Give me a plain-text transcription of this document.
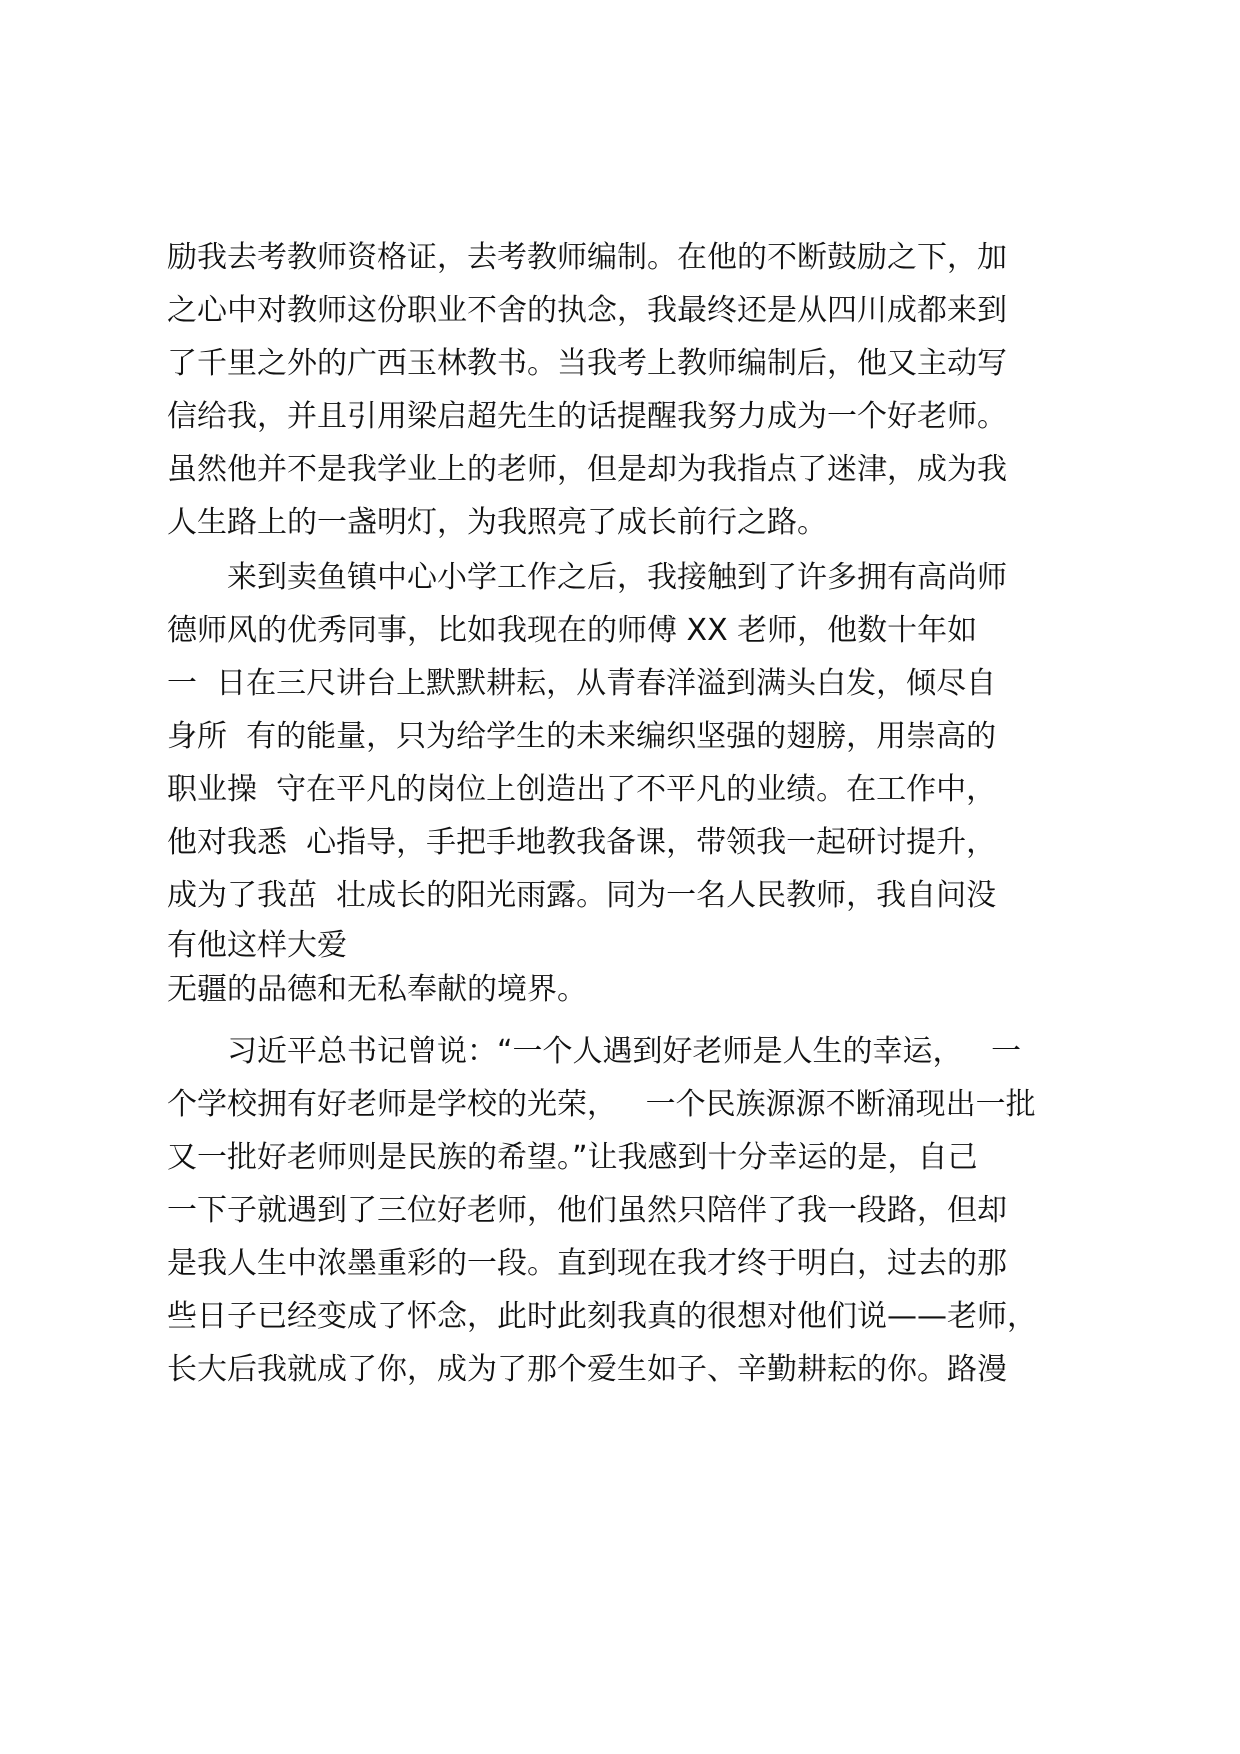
励我去考教师资格证，去考教师编制。在他的不断鼓励之下，加

之心中对教师这份职业不舍的执念，我最终还是从四川成都来到

了千里之外的广西玉林教书。当我考上教师编制后，他又主动写

信给我，并且引用梁启超先生的话提醒我努力成为一个好老师。

虽然他并不是我学业上的老师，但是却为我指点了迷津，成为我

人生路上的一盏明灯，为我照亮了成长前行之路。

　　来到卖鱼镇中心小学工作之后，我接触到了许多拥有高尚师

德师风的优秀同事，比如我现在的师傅 XX 老师，他数十年如

一  日在三尺讲台上默默耕耘，从青春洋溢到满头白发，倾尽自

身所  有的能量，只为给学生的未来编织坚强的翅膀，用崇高的

职业操  守在平凡的岗位上创造出了不平凡的业绩。在工作中，

他对我悉  心指导，手把手地教我备课，带领我一起研讨提升，

成为了我茁  壮成长的阳光雨露。同为一名人民教师，我自问没

有他这样大爱

无疆的品德和无私奉献的境界。

　　习近平总书记曾说：“一个人遇到好老师是人生的幸运，   一

个学校拥有好老师是学校的光荣，   一个民族源源不断涌现出一批

又一批好老师则是民族的希望。”让我感到十分幸运的是，自己

一下子就遇到了三位好老师，他们虽然只陪伴了我一段路，但却

是我人生中浓墨重彩的一段。直到现在我才终于明白，过去的那

些日子已经变成了怀念，此时此刻我真的很想对他们说——老师，

长大后我就成了你，成为了那个爱生如子、辛勤耕耘的你。路漫
